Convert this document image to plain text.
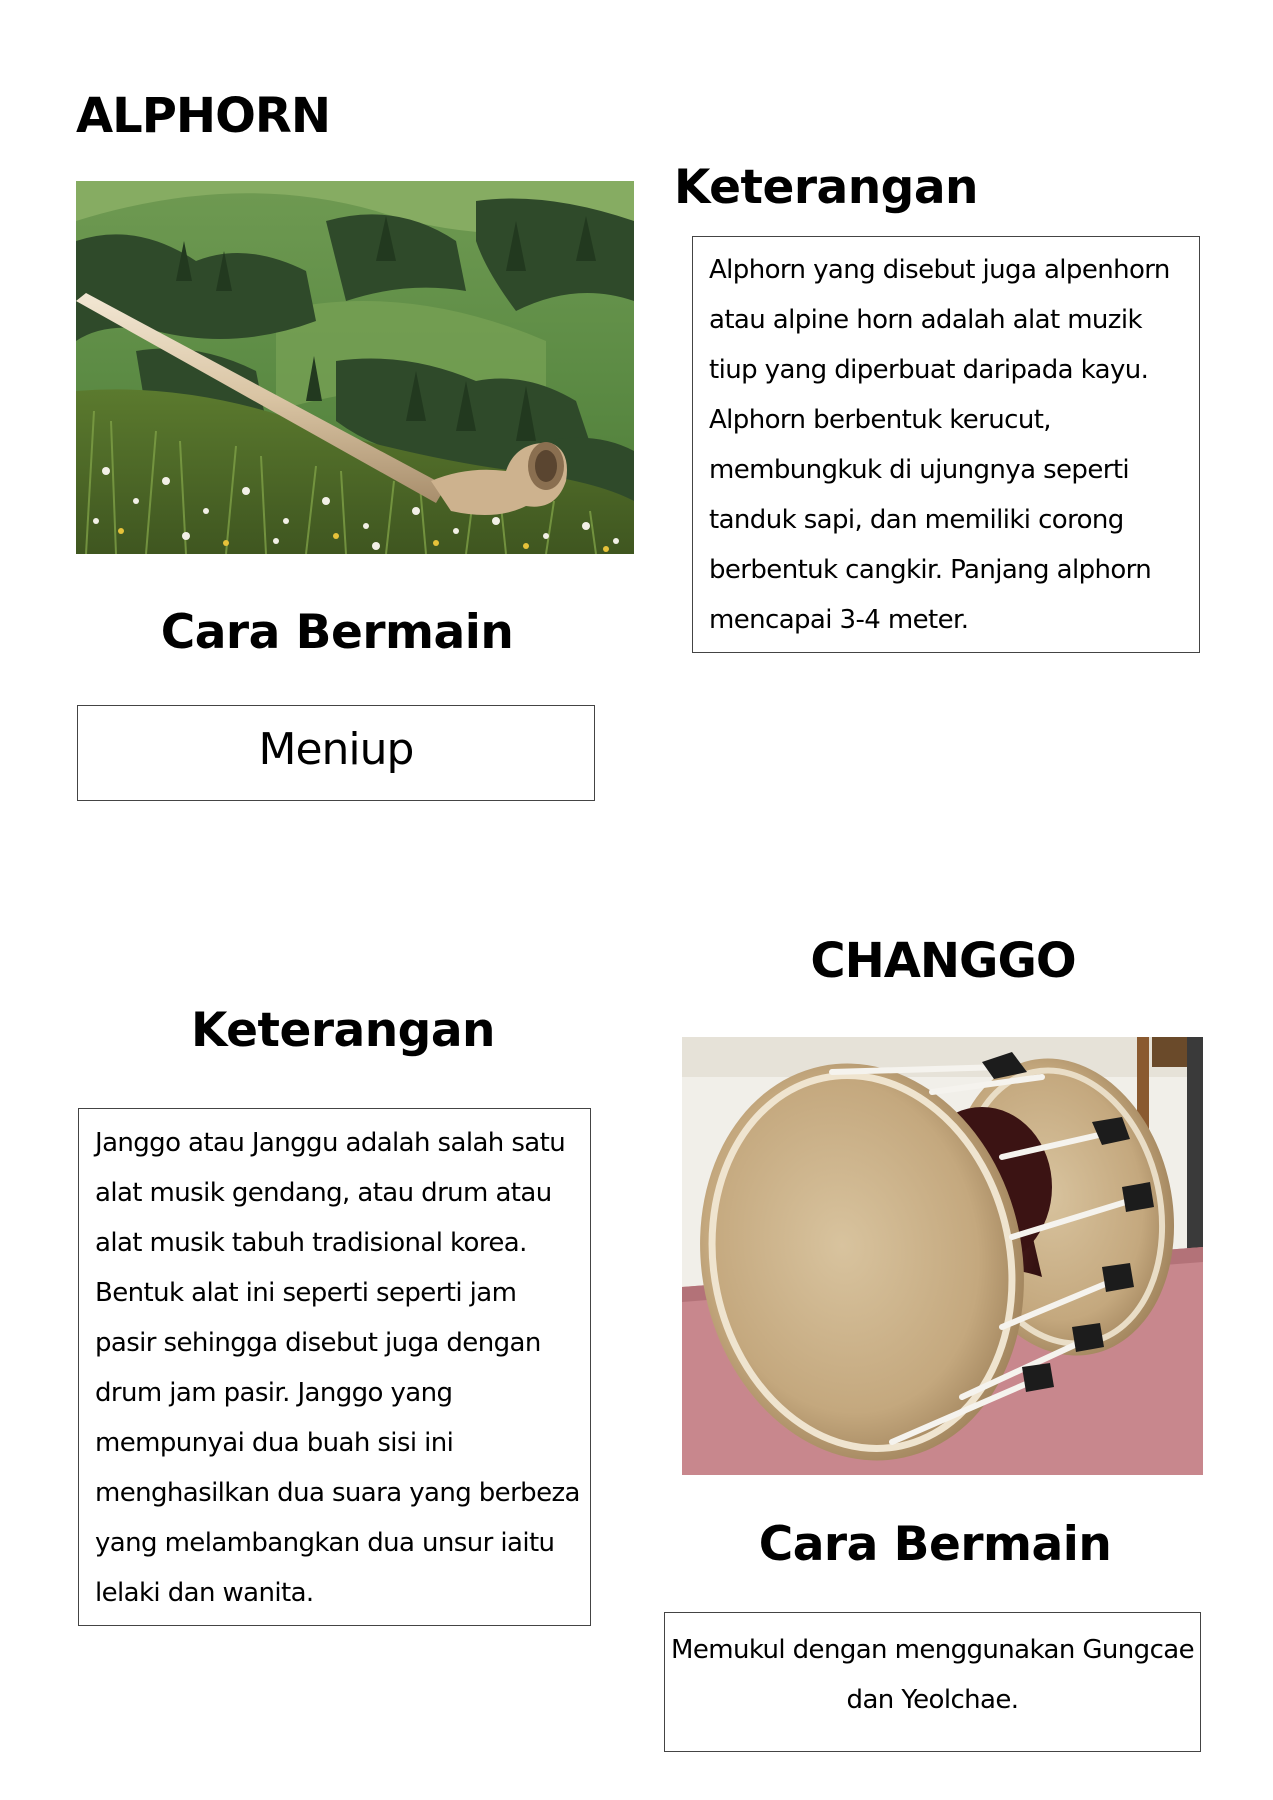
ALPHORN
Keterangan
Alphorn yang disebut juga alpenhorn
atau alpine horn adalah alat muzik
tiup yang diperbuat daripada kayu.
Alphorn berbentuk kerucut,
membungkuk di ujungnya seperti
tanduk sapi, dan memiliki corong
berbentuk cangkir. Panjang alphorn
mencapai 3-4 meter.
Cara Bermain
Meniup
CHANGGO
Keterangan
Janggo atau Janggu adalah salah satu
alat musik gendang, atau drum atau
alat musik tabuh tradisional korea.
Bentuk alat ini seperti seperti jam
pasir sehingga disebut juga dengan
drum jam pasir. Janggo yang
mempunyai dua buah sisi ini
menghasilkan dua suara yang berbeza
yang melambangkan dua unsur iaitu
lelaki dan wanita.
Cara Bermain
Memukul dengan menggunakan Gungcae
dan Yeolchae.
